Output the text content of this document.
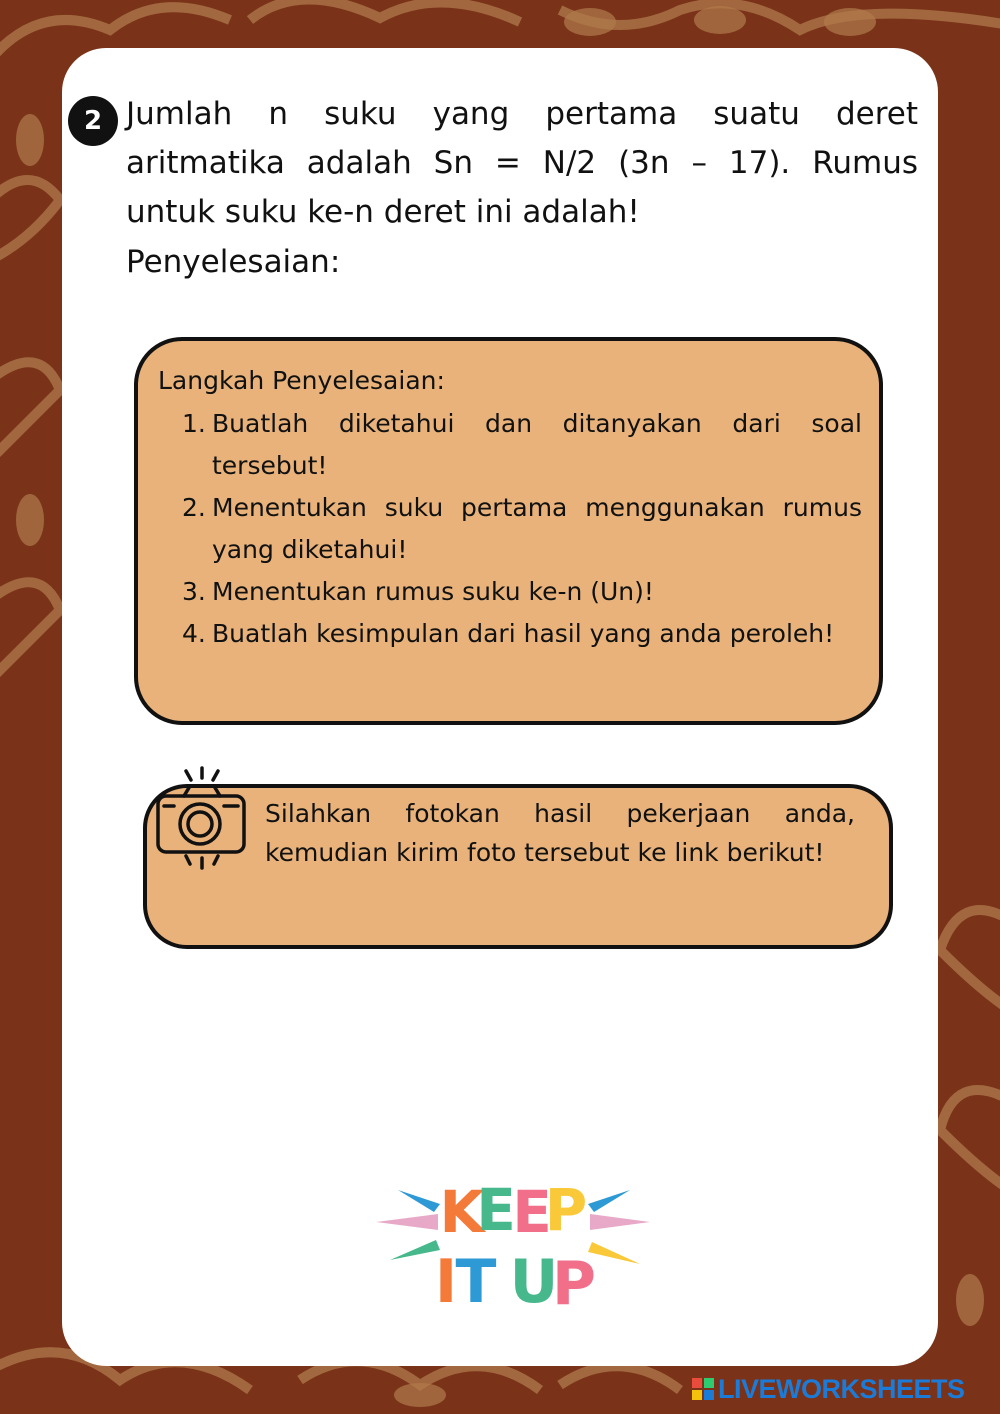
2 Jumlah n suku yang pertama suatu deret aritmatika adalah Sn = N/2 (3n – 17). Rumus untuk suku ke-n deret ini adalah!
Penyelesaian:
Langkah Penyelesaian:
1. Buatlah diketahui dan ditanyakan dari soal tersebut!
2. Menentukan suku pertama menggunakan rumus yang diketahui!
3. Menentukan rumus suku ke-n (Un)!
4. Buatlah kesimpulan dari hasil yang anda peroleh!
Silahkan fotokan hasil pekerjaan anda, kemudian kirim foto tersebut ke link berikut!
K
E
E
P
I
T U
P
LIVEWORKSHEETS
